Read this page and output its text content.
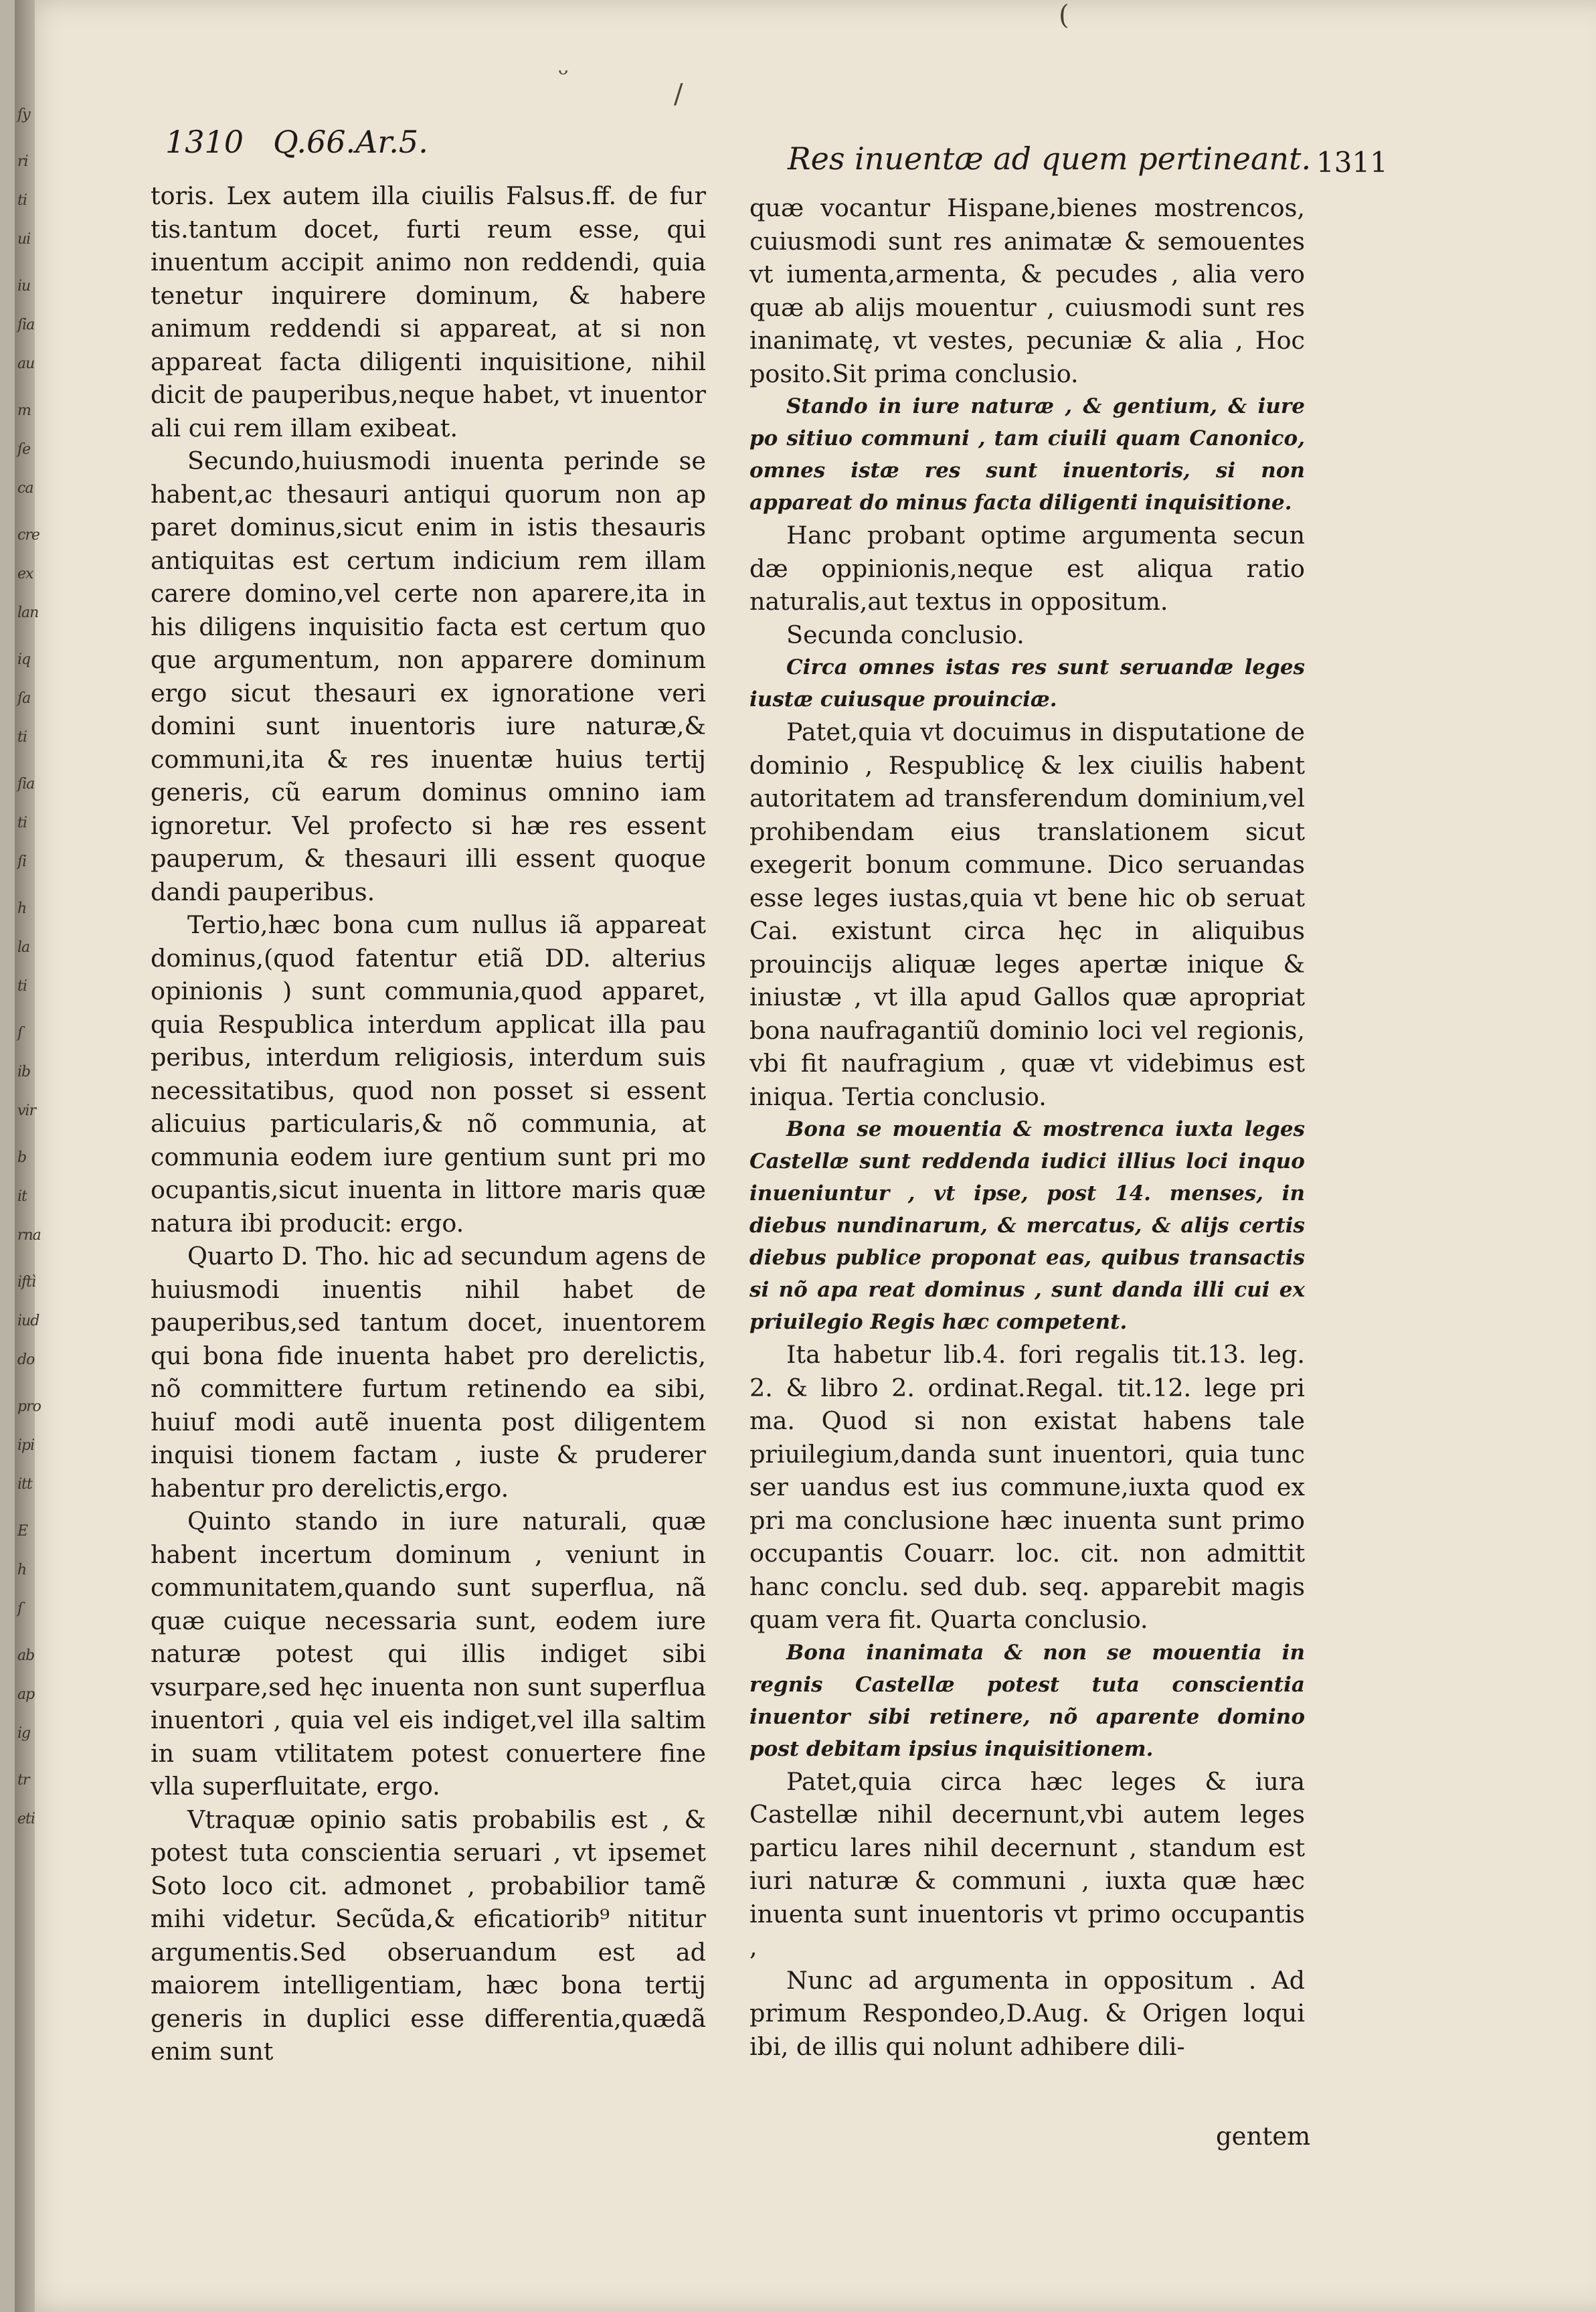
ſy
ri
ti
ui
iu
ſia
au
m
ſe
ca
cre
ex
lan
iq
ſa
ti
ſia
ti
ſi
h
la
ti
ſ
ib
vir
b
it
rna
iftì
iud
do
pro
ipi
itt
E
h
ſ
ab
ap
ig
tr
eti
ᵕ
/
(
1310 Q.66.Ar.5.	Res inuentæ ad quem pertineant. 1311

toris. Lex autem illa ciuilis Falsus.ff. de fur tis.tantum docet, furti reum esse, qui inuentum accipit animo non reddendi, quia tenetur inquirere dominum, & habere animum reddendi si appareat, at si non appareat facta diligenti inquisitione, nihil dicit de pauperibus,neque habet, vt inuentor ali cui rem illam exibeat.

Secundo,huiusmodi inuenta perinde se habent,ac thesauri antiqui quorum non ap paret dominus,sicut enim in istis thesauris antiquitas est certum indicium rem illam carere domino,vel certe non aparere,ita in his diligens inquisitio facta est certum quo que argumentum, non apparere dominum ergo sicut thesauri ex ignoratione veri domini sunt inuentoris iure naturæ,& communi,ita & res inuentæ huius tertij generis, cũ earum dominus omnino iam ignoretur. Vel profecto si hæ res essent pauperum, & thesauri illi essent quoque dandi pauperibus.

Tertio,hæc bona cum nullus iã appareat dominus,(quod fatentur etiã DD. alterius opinionis ) sunt communia,quod apparet, quia Respublica interdum applicat illa pau peribus, interdum religiosis, interdum suis necessitatibus, quod non posset si essent alicuius particularis,& nõ communia, at communia eodem iure gentium sunt pri mo ocupantis,sicut inuenta in littore maris quæ natura ibi producit: ergo.

Quarto D. Tho. hic ad secundum agens de huiusmodi inuentis nihil habet de pauperibus,sed tantum docet, inuentorem qui bona fide inuenta habet pro derelictis, nõ committere furtum retinendo ea sibi, huiuf modi autẽ inuenta post diligentem inquisi tionem factam , iuste & pruderer habentur pro derelictis,ergo.

Quinto stando in iure naturali, quæ habent incertum dominum , veniunt in communitatem,quando sunt superflua, nã quæ cuique necessaria sunt, eodem iure naturæ potest qui illis indiget sibi vsurpare,sed hęc inuenta non sunt superflua inuentori , quia vel eis indiget,vel illa saltim in suam vtilitatem potest conuertere fine vlla superfluitate, ergo.

Vtraquæ opinio satis probabilis est , & potest tuta conscientia seruari , vt ipsemet Soto loco cit. admonet , probabilior tamẽ mihi videtur. Secũda,& eficatiorib⁹ nititur argumentis.Sed obseruandum est ad maiorem intelligentiam, hæc bona tertij generis in duplici esse differentia,quædã enim sunt

quæ vocantur Hispane,bienes mostrencos, cuiusmodi sunt res animatæ & semouentes vt iumenta,armenta, & pecudes , alia vero quæ ab alijs mouentur , cuiusmodi sunt res inanimatę, vt vestes, pecuniæ & alia , Hoc posito.Sit prima conclusio.

Stando in iure naturæ , & gentium, & iure po sitiuo communi , tam ciuili quam Canonico, omnes istæ res sunt inuentoris, si non appareat do minus facta diligenti inquisitione.

Hanc probant optime argumenta secun dæ oppinionis,neque est aliqua ratio naturalis,aut textus in oppositum.

Secunda conclusio.

Circa omnes istas res sunt seruandæ leges iustæ cuiusque prouinciæ.

Patet,quia vt docuimus in disputatione de dominio , Respublicę & lex ciuilis habent autoritatem ad transferendum dominium,vel prohibendam eius translationem sicut exegerit bonum commune. Dico seruandas esse leges iustas,quia vt bene hic ob seruat Cai. existunt circa hęc in aliquibus prouincijs aliquæ leges apertæ inique & iniustæ , vt illa apud Gallos quæ apropriat bona naufragantiũ dominio loci vel regionis, vbi fit naufragium , quæ vt videbimus est iniqua. Tertia conclusio.

Bona se mouentia & mostrenca iuxta leges Castellæ sunt reddenda iudici illius loci inquo inueniuntur , vt ipse, post 14. menses, in diebus nundinarum, & mercatus, & alijs certis diebus publice proponat eas, quibus transactis si nõ apa reat dominus , sunt danda illi cui ex priuilegio Regis hæc competent.

Ita habetur lib.4. fori regalis tit.13. leg. 2. & libro 2. ordinat.Regal. tit.12. lege pri ma. Quod si non existat habens tale priuilegium,danda sunt inuentori, quia tunc ser uandus est ius commune,iuxta quod ex pri ma conclusione hæc inuenta sunt primo occupantis Couarr. loc. cit. non admittit hanc conclu. sed dub. seq. apparebit magis quam vera fit. Quarta conclusio.

Bona inanimata & non se mouentia in regnis Castellæ potest tuta conscientia inuentor sibi retinere, nõ aparente domino post debitam ipsius inquisitionem.

Patet,quia circa hæc leges & iura Castellæ nihil decernunt,vbi autem leges particu lares nihil decernunt , standum est iuri naturæ & communi , iuxta quæ hæc inuenta sunt inuentoris vt primo occupantis ,

Nunc ad argumenta in oppositum . Ad primum Respondeo,D.Aug. & Origen loqui ibi, de illis qui nolunt adhibere dili-

gentem
